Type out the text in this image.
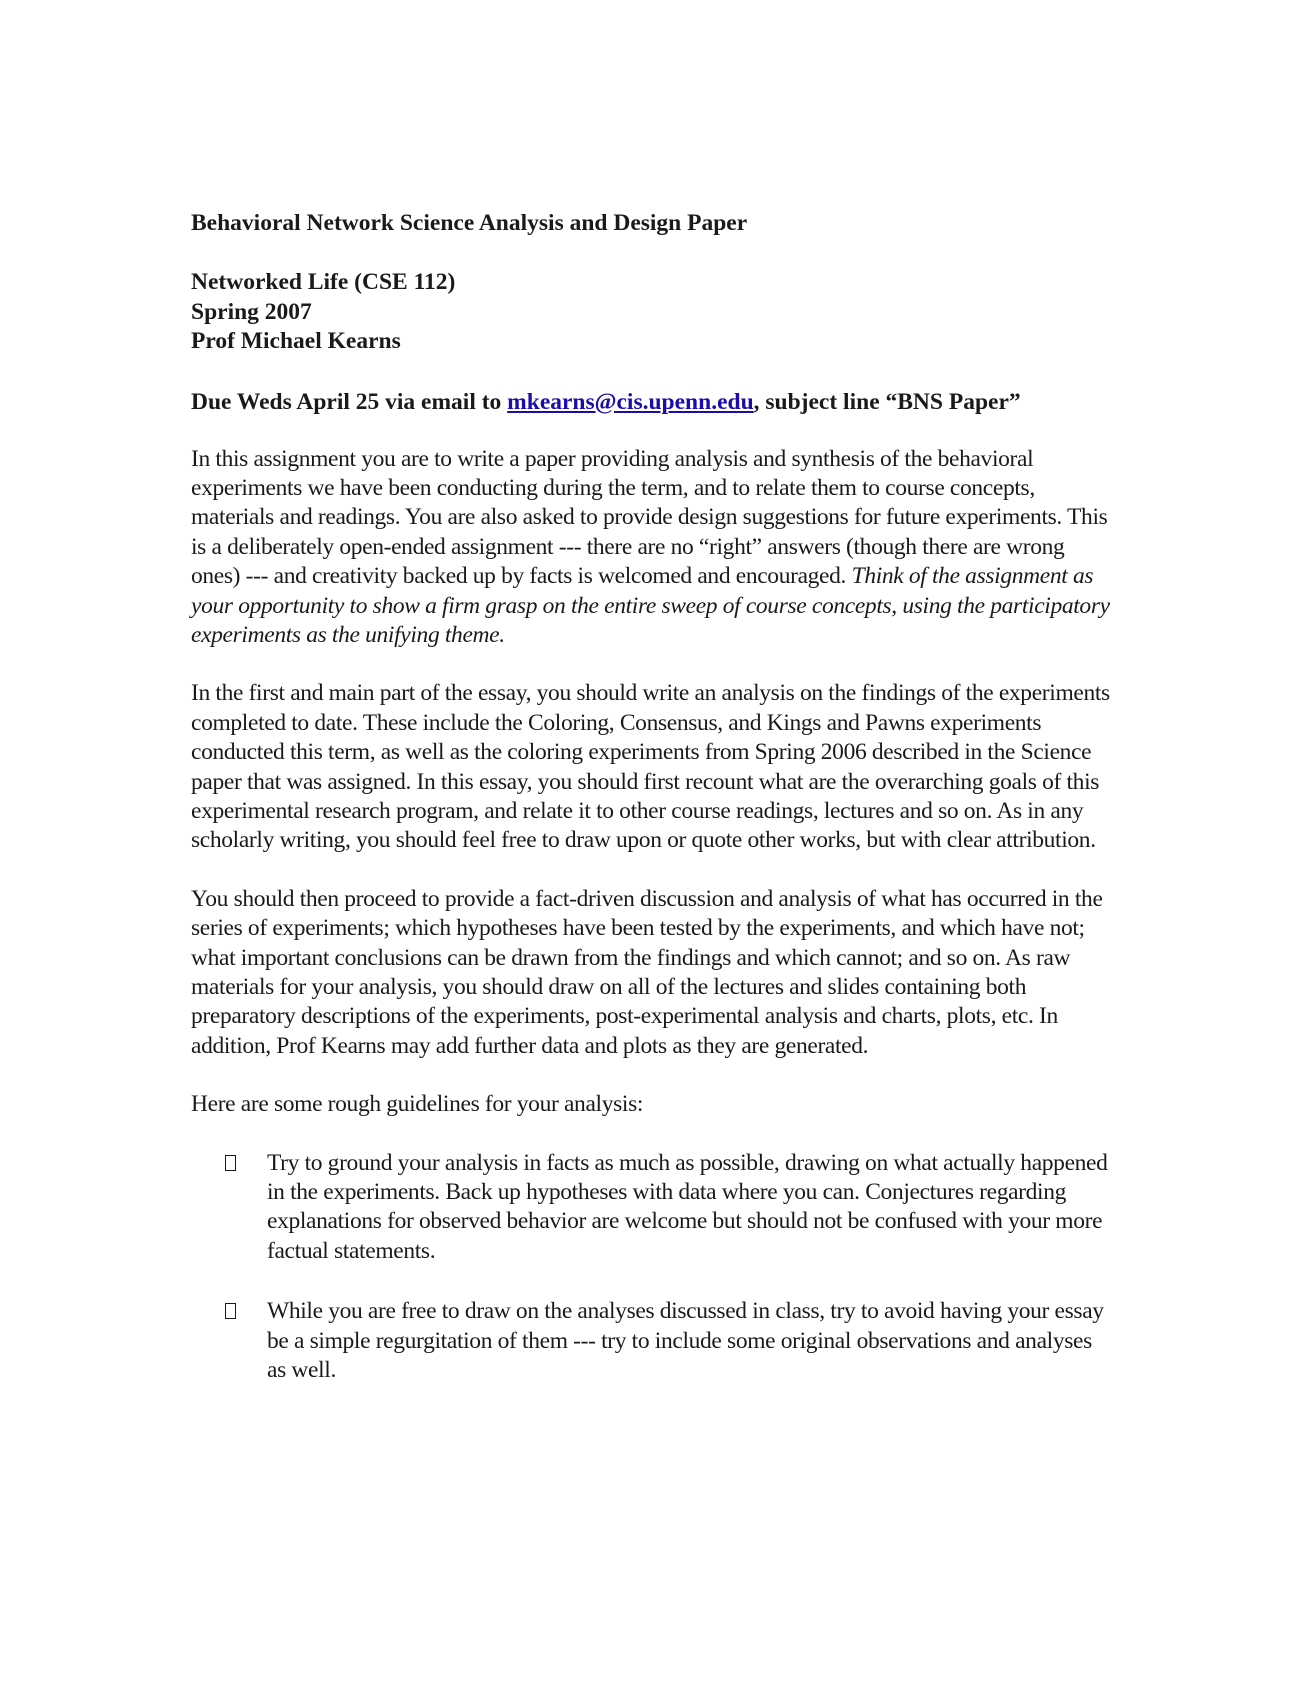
Behavioral Network Science Analysis and Design Paper
Networked Life (CSE 112)
Spring 2007
Prof Michael Kearns
Due Weds April 25 via email to mkearns@cis.upenn.edu, subject line “BNS Paper”

In this assignment you are to write a paper providing analysis and synthesis of the behavioral experiments we have been conducting during the term, and to relate them to course concepts, materials and readings. You are also asked to provide design suggestions for future experiments. This is a deliberately open-ended assignment --- there are no “right” answers (though there are wrong ones) --- and creativity backed up by facts is welcomed and encouraged. Think of the assignment as your opportunity to show a firm grasp on the entire sweep of course concepts, using the participatory experiments as the unifying theme.

In the first and main part of the essay, you should write an analysis on the findings of the experiments completed to date. These include the Coloring, Consensus, and Kings and Pawns experiments conducted this term, as well as the coloring experiments from Spring 2006 described in the Science paper that was assigned. In this essay, you should first recount what are the overarching goals of this experimental research program, and relate it to other course readings, lectures and so on. As in any scholarly writing, you should feel free to draw upon or quote other works, but with clear attribution.

You should then proceed to provide a fact-driven discussion and analysis of what has occurred in the series of experiments; which hypotheses have been tested by the experiments, and which have not; what important conclusions can be drawn from the findings and which cannot; and so on. As raw materials for your analysis, you should draw on all of the lectures and slides containing both preparatory descriptions of the experiments, post-experimental analysis and charts, plots, etc. In addition, Prof Kearns may add further data and plots as they are generated.

Here are some rough guidelines for your analysis:

Try to ground your analysis in facts as much as possible, drawing on what actually happened in the experiments. Back up hypotheses with data where you can. Conjectures regarding explanations for observed behavior are welcome but should not be confused with your more factual statements.
While you are free to draw on the analyses discussed in class, try to avoid having your essay be a simple regurgitation of them --- try to include some original observations and analyses as well.
